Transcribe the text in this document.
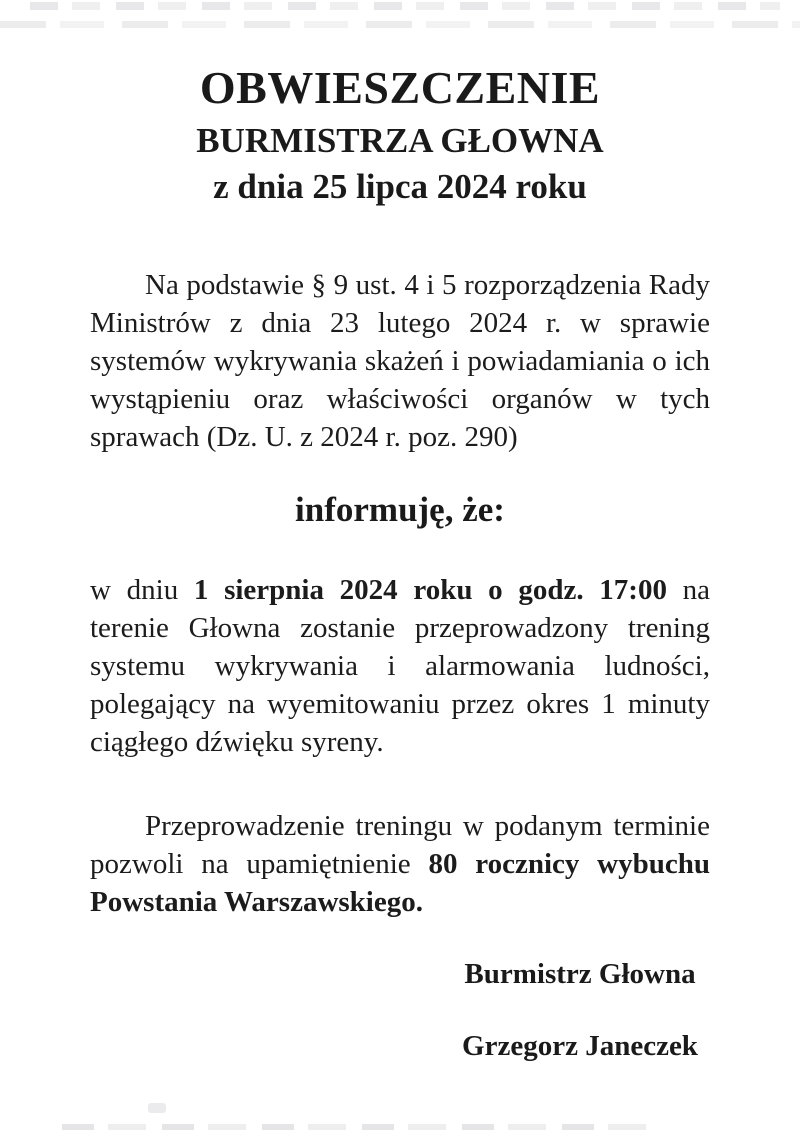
OBWIESZCZENIE
BURMISTRZA GŁOWNA
z dnia 25 lipca 2024 roku

Na podstawie § 9 ust. 4 i 5 rozporządzenia Rady Ministrów z dnia 23 lutego 2024 r. w sprawie systemów wykrywania skażeń i powiadamiania o ich wystąpieniu oraz właściwości organów w tych sprawach (Dz. U. z 2024 r. poz. 290)

informuję, że:

w dniu 1 sierpnia 2024 roku o godz. 17:00 na terenie Głowna zostanie przeprowadzony trening systemu wykrywania i alarmowania ludności, polegający na wyemitowaniu przez okres 1 minuty ciągłego dźwięku syreny.

Przeprowadzenie treningu w podanym terminie pozwoli na upamiętnienie 80 rocznicy wybuchu Powstania Warszawskiego.

Burmistrz Głowna
Grzegorz Janeczek
